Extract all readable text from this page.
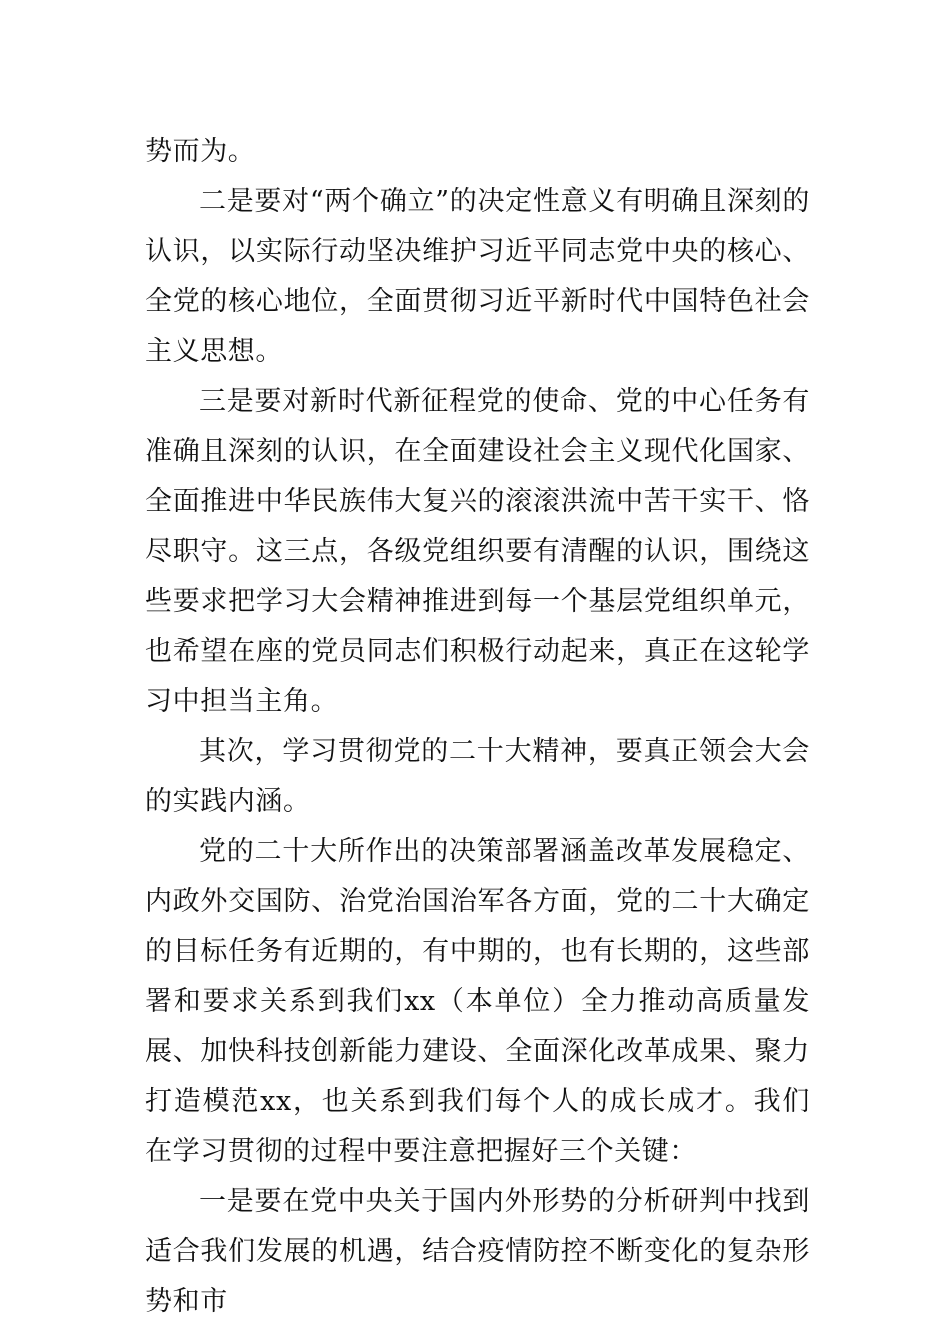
势而为。

二是要对“两个确立”的决定性意义有明确且深刻的认识，以实际行动坚决维护习近平同志党中央的核心、全党的核心地位，全面贯彻习近平新时代中国特色社会主义思想。

三是要对新时代新征程党的使命、党的中心任务有准确且深刻的认识，在全面建设社会主义现代化国家、全面推进中华民族伟大复兴的滚滚洪流中苦干实干、恪尽职守。这三点，各级党组织要有清醒的认识，围绕这些要求把学习大会精神推进到每一个基层党组织单元，也希望在座的党员同志们积极行动起来，真正在这轮学习中担当主角。

其次，学习贯彻党的二十大精神，要真正领会大会的实践内涵。

党的二十大所作出的决策部署涵盖改革发展稳定、内政外交国防、治党治国治军各方面，党的二十大确定的目标任务有近期的，有中期的，也有长期的，这些部署和要求关系到我们xx（本单位）全力推动高质量发展、加快科技创新能力建设、全面深化改革成果、聚力打造模范xx，也关系到我们每个人的成长成才。我们在学习贯彻的过程中要注意把握好三个关键：

一是要在党中央关于国内外形势的分析研判中找到适合我们发展的机遇，结合疫情防控不断变化的复杂形势和市
